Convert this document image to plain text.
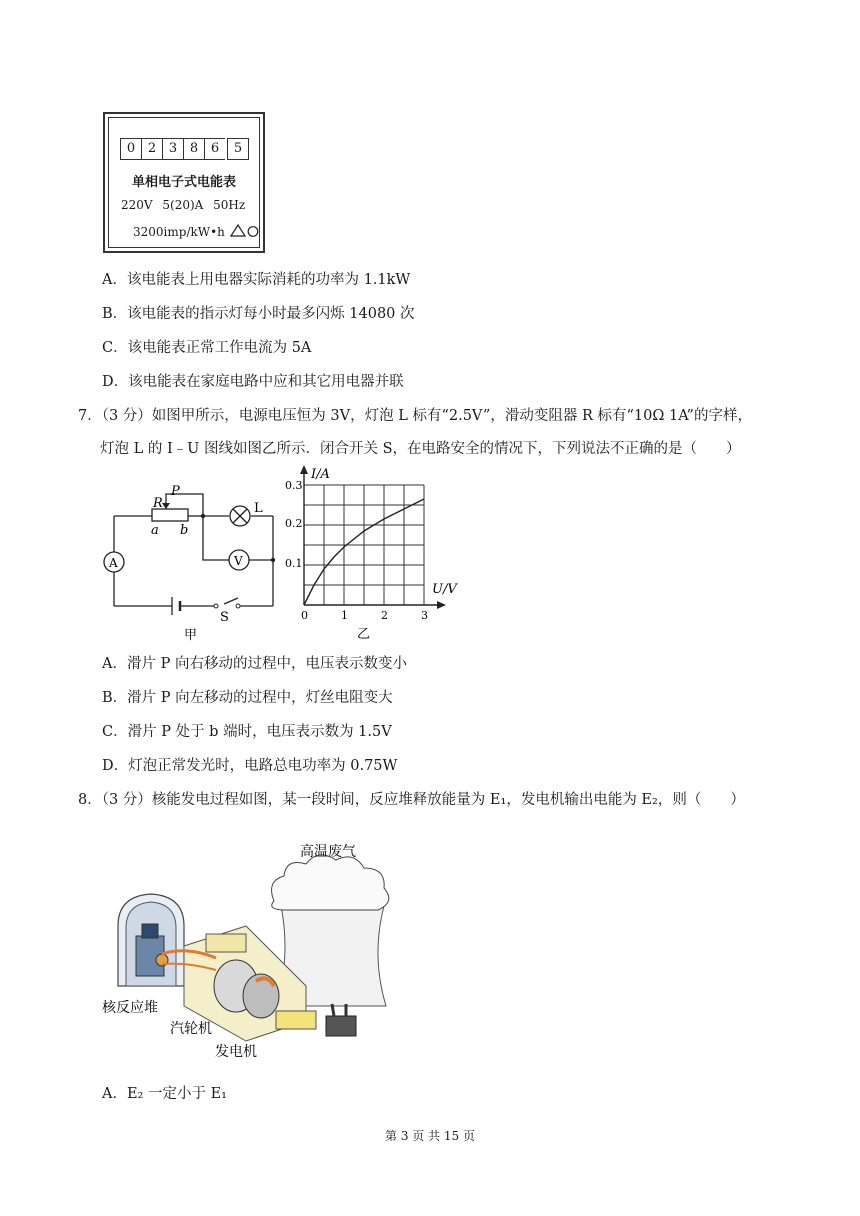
0 2 3 8 6	5
单相电子式电能表
220V 5(20)A 50Hz
3200imp/kW•h
A．该电能表上用电器实际消耗的功率为 1.1kW
B．该电能表的指示灯每小时最多闪烁 14080 次
C．该电能表正常工作电流为 5A
D．该电能表在家庭电路中应和其它用电器并联
7．（3 分）如图甲所示，电源电压恒为 3V，灯泡 L 标有“2.5V”，滑动变阻器 R 标有“10Ω 1A”的字样，
灯泡 L 的 I﹣U 图线如图乙所示．闭合开关 S，在电路安全的情况下，下列说法不正确的是（　　）
R
P
a b
L
A	V
S
甲
I/A
U/V
0.1
0.2
0.3
0	1	2	3
乙
A．滑片 P 向右移动的过程中，电压表示数变小
B．滑片 P 向左移动的过程中，灯丝电阻变大
C．滑片 P 处于 b 端时，电压表示数为 1.5V
D．灯泡正常发光时，电路总电功率为 0.75W
8．（3 分）核能发电过程如图，某一段时间，反应堆释放能量为 E₁，发电机输出电能为 E₂，则（　　）
高温废气
核反应堆
汽轮机
发电机
A．E₂ 一定小于 E₁
第 3 页 共 15 页
